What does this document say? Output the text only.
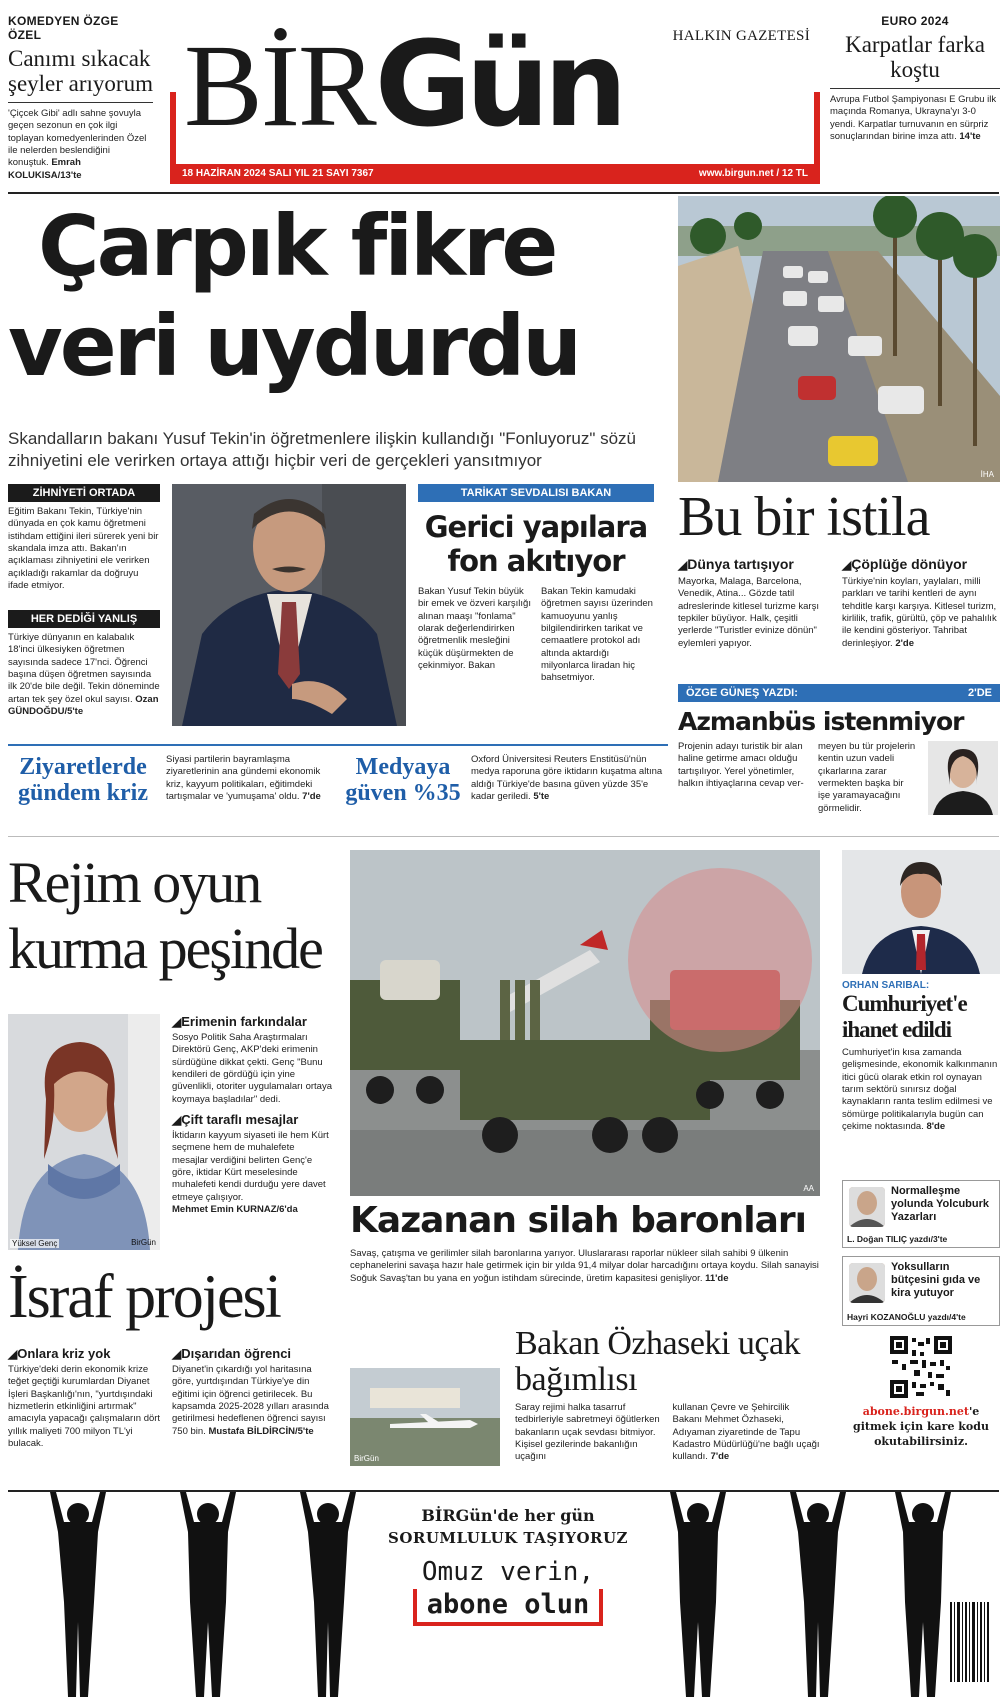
KOMEDYEN ÖZGE ÖZEL
Canımı sıkacak şeyler arıyorum
'Çiçcek Gibi' adlı sahne şovuyla geçen sezonun en çok ilgi toplayan komedyenlerinden Özel ile nelerden beslendiğini konuştuk. Emrah KOLUKISA/13'te
BİRGün	HALKIN GAZETESİ
18 HAZİRAN 2024 SALI YIL 21 SAYI 7367	www.birgun.net / 12 TL
EURO 2024
Karpatlar farka koştu
Avrupa Futbol Şampiyonası E Grubu ilk maçında Romanya, Ukrayna'yı 3-0 yendi. Karpatlar turnuvanın en sürpriz sonuçlarından birine imza attı. 14'te
Çarpık fikre
veri uydurdu
Skandalların bakanı Yusuf Tekin'in öğretmenlere ilişkin kullandığı "Fonluyoruz" sözü zihniyetini ele verirken ortaya attığı hiçbir veri de gerçekleri yansıtmıyor
ZİHNİYETİ ORTADA
Eğitim Bakanı Tekin, Türkiye'nin dünyada en çok kamu öğretmeni istihdam ettiğini ileri sürerek yeni bir skandala imza attı. Bakan'ın açıklaması zihniyetini ele verirken açıkladığı rakamlar da doğruyu ifade etmiyor.
HER DEDİĞİ YANLIŞ
Türkiye dünyanın en kalabalık 18'inci ülkesiyken öğretmen sayısında sadece 17'nci. Öğrenci başına düşen öğretmen sayısında ilk 20'de bile değil. Tekin döneminde artan tek şey özel okul sayısı. Ozan GÜNDOĞDU/5'te
TARİKAT SEVDALISI BAKAN
Gerici yapılara fon akıtıyor
Bakan Yusuf Tekin büyük bir emek ve özveri karşılığı alınan maaşı "fonlama" olarak değerlendirirken öğretmenlik mesleğini küçük düşürmekten de çekinmiyor. Bakan
Bakan Tekin kamudaki öğretmen sayısı üzerinden kamuoyunu yanlış bilgilendirirken tarikat ve cemaatlere protokol adı altında aktardığı milyonlarca liradan hiç bahsetmiyor.
İHA
Bu bir istila
◢Dünya tartışıyor
Mayorka, Malaga, Barcelona, Venedik, Atina... Gözde tatil adreslerinde kitlesel turizme karşı tepkiler büyüyor. Halk, çeşitli yerlerde "Turistler evinize dönün" eylemleri yapıyor.
◢Çöplüğe dönüyor
Türkiye'nin koyları, yaylaları, milli parkları ve tarihi kentleri de aynı tehditle karşı karşıya. Kitlesel turizm, kirlilik, trafik, gürültü, çöp ve pahalılık ile kendini gösteriyor. Tahribat derinleşiyor. 2'de
ÖZGE GÜNEŞ YAZDI:	2'DE
Azmanbüs istenmiyor
Projenin adayı turistik bir alan haline getirme amacı olduğu tartışılıyor. Yerel yönetimler, halkın ihtiyaçlarına cevap ver-
meyen bu tür projelerin kentin uzun vadeli çıkarlarına zarar vermekten başka bir işe yaramayacağını görmelidir.
Ziyaretlerde gündem kriz
Siyasi partilerin bayramlaşma ziyaretlerinin ana gündemi ekonomik kriz, kayyum politikaları, eğitimdeki tartışmalar ve 'yumuşama' oldu. 7'de
Medyaya güven %35
Oxford Üniversitesi Reuters Enstitüsü'nün medya raporuna göre iktidarın kuşatma altına aldığı Türkiye'de basına güven yüzde 35'e kadar geriledi. 5'te
Rejim oyun kurma peşinde
Yüksel Genç	BirGün
◢Erimenin farkındalar
Sosyo Politik Saha Araştırmaları Direktörü Genç, AKP'deki erimenin sürdüğüne dikkat çekti. Genç "Bunu kendileri de gördüğü için yine güvenlikli, otoriter uygulamaları ortaya koymaya başladılar" dedi.
◢Çift taraflı mesajlar
İktidarın kayyum siyaseti ile hem Kürt seçmene hem de muhalefete mesajlar verdiğini belirten Genç'e göre, iktidar Kürt meselesinde muhalefeti kendi durduğu yere davet etmeye çalışıyor.
Mehmet Emin KURNAZ/6'da
AA
Kazanan silah baronları
Savaş, çatışma ve gerilimler silah baronlarına yarıyor. Uluslararası raporlar nükleer silah sahibi 9 ülkenin cephanelerini savaşa hazır hale getirmek için bir yılda 91,4 milyar dolar harcadığını ortaya koydu. Silah sanayisi Soğuk Savaş'tan bu yana en yoğun istihdam sürecinde, üretim kapasitesi genişliyor. 11'de
ORHAN SARIBAL:
Cumhuriyet'e ihanet edildi
Cumhuriyet'in kısa zamanda gelişmesinde, ekonomik kalkınmanın itici gücü olarak etkin rol oynayan tarım sektörü sınırsız doğal kaynakların ranta teslim edilmesi ve sömürge politikalarıyla bugün can çekime noktasında. 8'de
Normalleşme yolunda Yolcuburk Yazarları
L. Doğan TILIÇ yazdı/3'te
Yoksulların bütçesini gıda ve kira yutuyor
Hayri KOZANOĞLU yazdı/4'te
İsraf projesi
◢Onlara kriz yok
Türkiye'deki derin ekonomik krize teğet geçtiği kurumlardan Diyanet İşleri Başkanlığı'nın, "yurtdışındaki hizmetlerin etkinliğini artırmak" amacıyla yapacağı çalışmaların dört yıllık maliyeti 700 milyon TL'yi bulacak.
◢Dışarıdan öğrenci
Diyanet'in çıkardığı yol haritasına göre, yurtdışından Türkiye'ye din eğitimi için öğrenci getirilecek. Bu kapsamda 2025-2028 yılları arasında getirilmesi hedeflenen öğrenci sayısı 750 bin. Mustafa BİLDİRCİN/5'te
BirGün
Bakan Özhaseki uçak bağımlısı
Saray rejimi halka tasarruf tedbirleriyle sabretmeyi öğütlerken bakanların uçak sevdası bitmiyor. Kişisel gezilerinde bakanlığın uçağını
kullanan Çevre ve Şehircilik Bakanı Mehmet Özhaseki, Adıyaman ziyaretinde de Tapu Kadastro Müdürlüğü'ne bağlı uçağı kullandı. 7'de
abone.birgun.net'e gitmek için kare kodu okutabilirsiniz.
BİRGün'de her gün
SORUMLULUK TAŞIYORUZ
Omuz verin,
abone olun
